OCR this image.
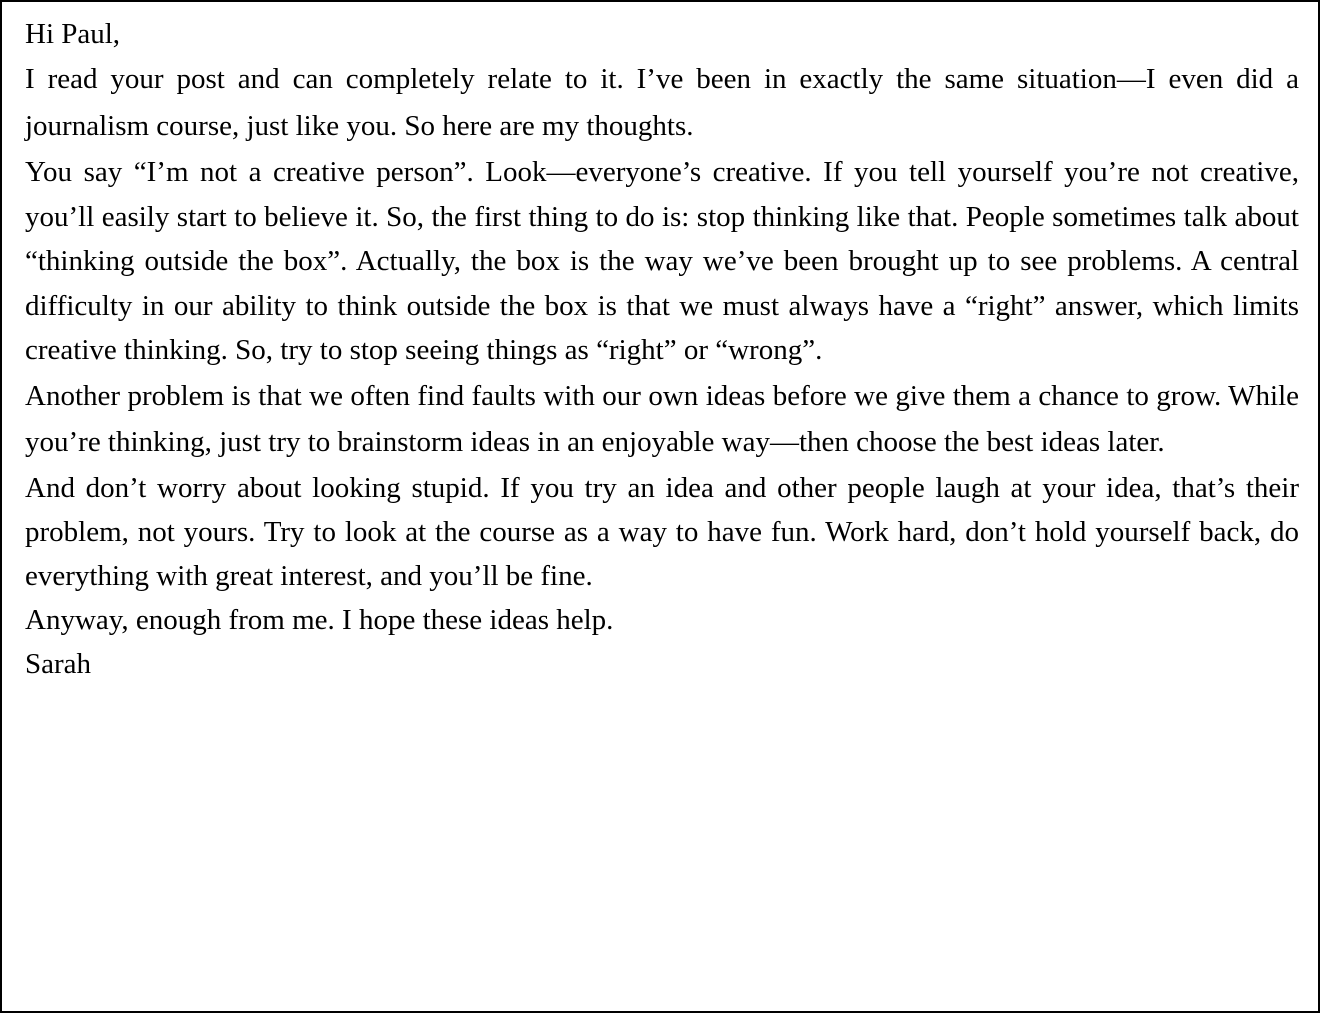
Hi Paul,

I read your post and can completely relate to it. I’ve been in exactly the same situation—I even did a journalism course, just like you. So here are my thoughts.

You say “I’m not a creative person”. Look—everyone’s creative. If you tell yourself you’re not creative, you’ll easily start to believe it. So, the first thing to do is: stop thinking like that. People sometimes talk about “thinking outside the box”. Actually, the box is the way we’ve been brought up to see problems. A central difficulty in our ability to think outside the box is that we must always have a “right” answer, which limits creative thinking. So, try to stop seeing things as “right” or “wrong”.

Another problem is that we often find faults with our own ideas before we give them a chance to grow. While you’re thinking, just try to brainstorm ideas in an enjoyable way—then choose the best ideas later.

And don’t worry about looking stupid. If you try an idea and other people laugh at your idea, that’s their problem, not yours. Try to look at the course as a way to have fun. Work hard, don’t hold yourself back, do everything with great interest, and you’ll be fine.

Anyway, enough from me. I hope these ideas help.

Sarah
